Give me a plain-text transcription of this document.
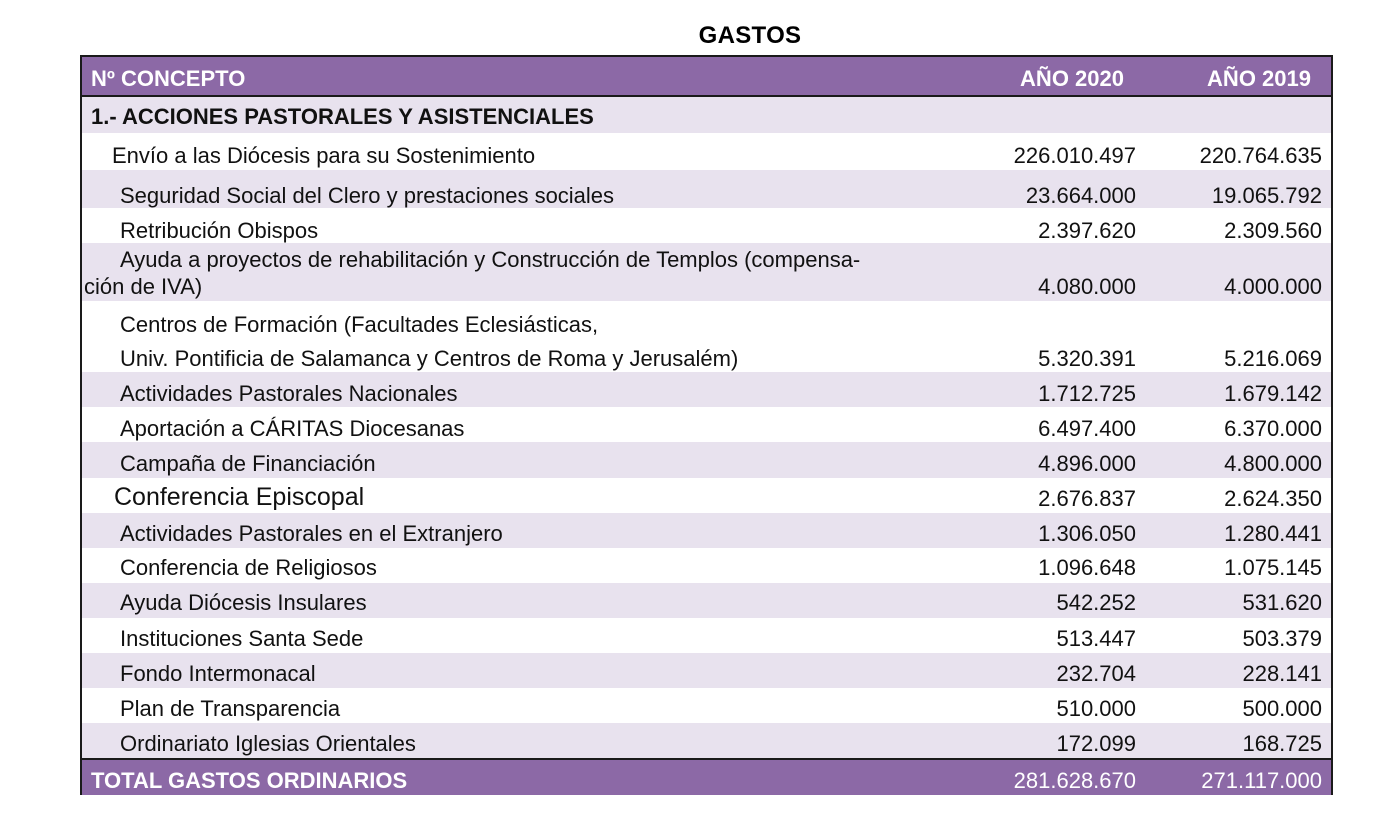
GASTOS
Nº CONCEPTO	AÑO 2020	AÑO 2019
1.- ACCIONES PASTORALES Y ASISTENCIALES
Envío a las Diócesis para su Sostenimiento	226.010.497	220.764.635
Seguridad Social del Clero y prestaciones sociales	23.664.000	19.065.792
Retribución Obispos	2.397.620	2.309.560
Ayuda a proyectos de rehabilitación y Construcción de Templos (compensa-
ción de IVA)	4.080.000	4.000.000
Centros de Formación (Facultades Eclesiásticas,
Univ. Pontificia de Salamanca y Centros de Roma y Jerusalém)	5.320.391	5.216.069
Actividades Pastorales Nacionales	1.712.725	1.679.142
Aportación a CÁRITAS Diocesanas	6.497.400	6.370.000
Campaña de Financiación	4.896.000	4.800.000
Conferencia Episcopal	2.676.837	2.624.350
Actividades Pastorales en el Extranjero	1.306.050	1.280.441
Conferencia de Religiosos	1.096.648	1.075.145
Ayuda Diócesis Insulares	542.252	531.620
Instituciones Santa Sede	513.447	503.379
Fondo Intermonacal	232.704	228.141
Plan de Transparencia	510.000	500.000
Ordinariato Iglesias Orientales	172.099	168.725
TOTAL GASTOS ORDINARIOS	281.628.670	271.117.000
